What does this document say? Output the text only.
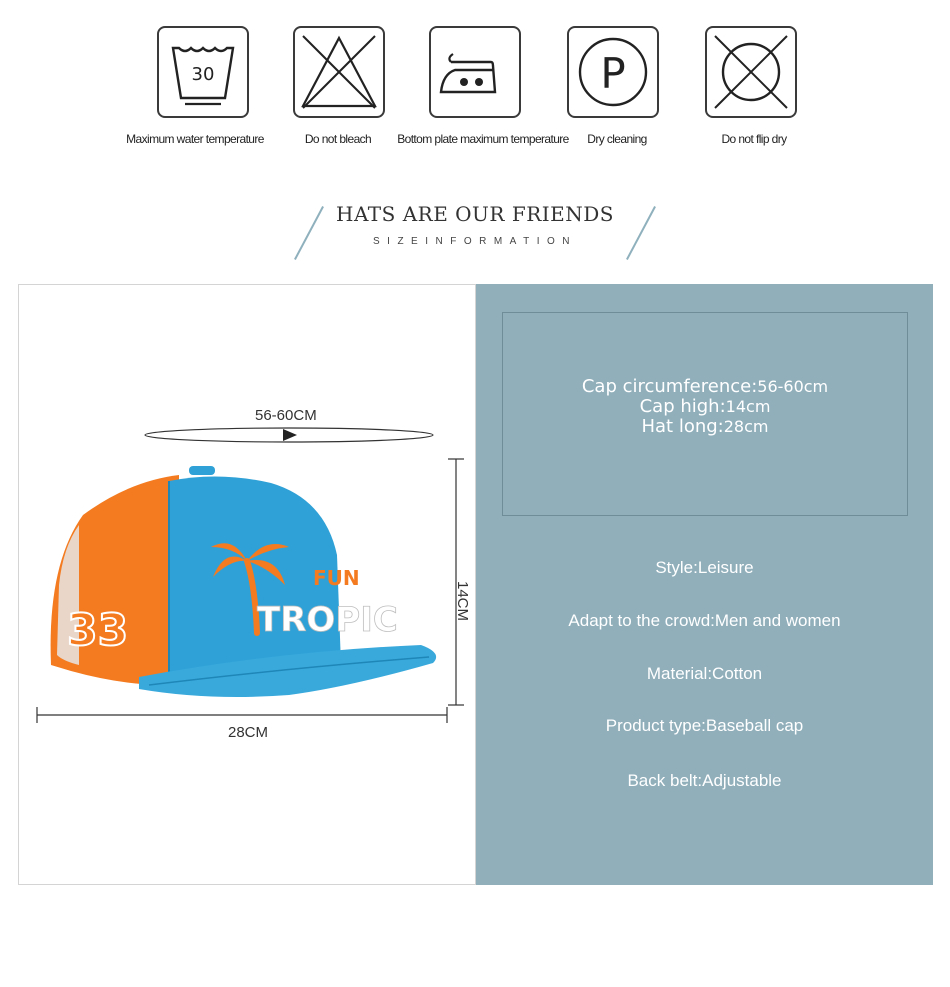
30	P
Maximum water temperature	Do not bleach	Bottom plate maximum temperature	Dry cleaning	Do not flip dry
HATS ARE OUR FRIENDS
SIZEINFORMATION
33
FUN
TROPIC
56-60CM
14CM
28CM
Cap circumference:56-60cm
Cap high:14cm
Hat long:28cm
Style:Leisure
Adapt to the crowd:Men and women
Material:Cotton
Product type:Baseball cap
Back belt:Adjustable
